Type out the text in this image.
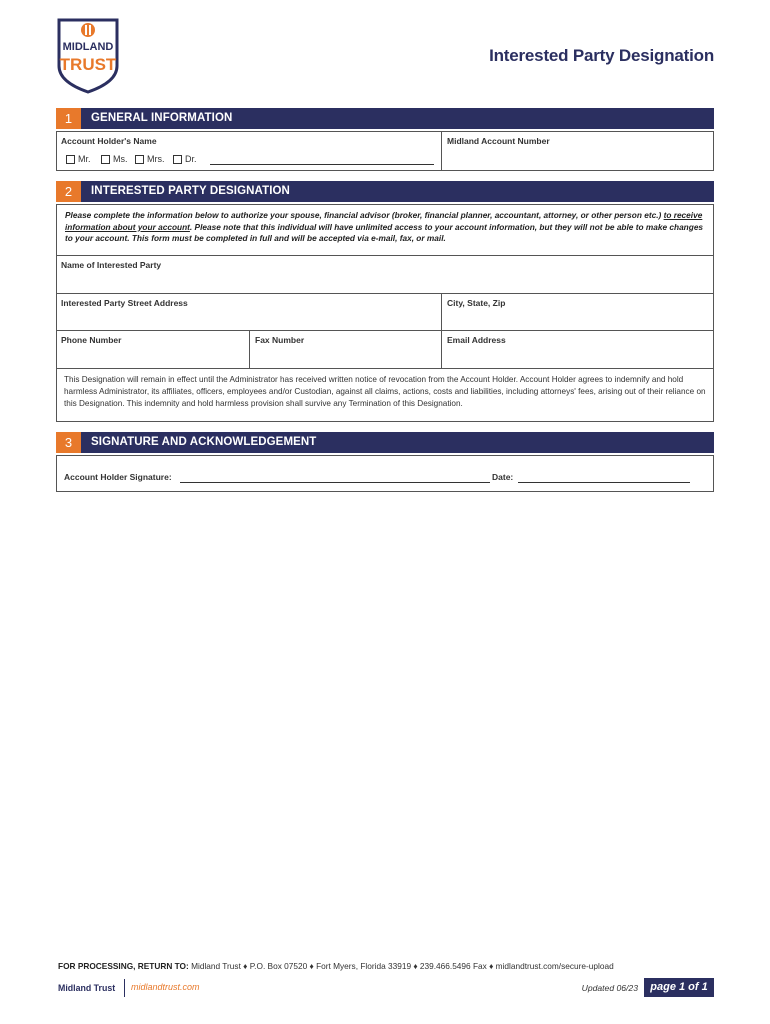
MIDLAND
TRUST	Interested Party Designation
1	GENERAL INFORMATION
Account Holder's Name	Midland Account Number
Mr.	Ms. Mrs. Dr.
2	INTERESTED PARTY DESIGNATION
Please complete the information below to authorize your spouse, financial advisor (broker, financial planner, accountant, attorney, or other person etc.) to receive information about your account. Please note that this individual will have unlimited access to your account information, but they will not be able to make changes to your account. This form must be completed in full and will be accepted via e-mail, fax, or mail.
Name of Interested Party
Interested Party Street Address	City, State, Zip
Phone Number	Fax Number	Email Address
This Designation will remain in effect until the Administrator has received written notice of revocation from the Account Holder. Account Holder agrees to indemnify and hold harmless Administrator, its affiliates, officers, employees and/or Custodian, against all claims, actions, costs and liabilities, including attorneys' fees, arising out of their reliance on this Designation. This indemnity and hold harmless provision shall survive any Termination of this Designation.
3	SIGNATURE AND ACKNOWLEDGEMENT
Account Holder Signature:	Date:
FOR PROCESSING, RETURN TO: Midland Trust ♦ P.O. Box 07520 ♦ Fort Myers, Florida 33919 ♦ 239.466.5496 Fax ♦ midlandtrust.com/secure-upload
Midland Trust midlandtrust.com	Updated 06/23	page 1 of 1
